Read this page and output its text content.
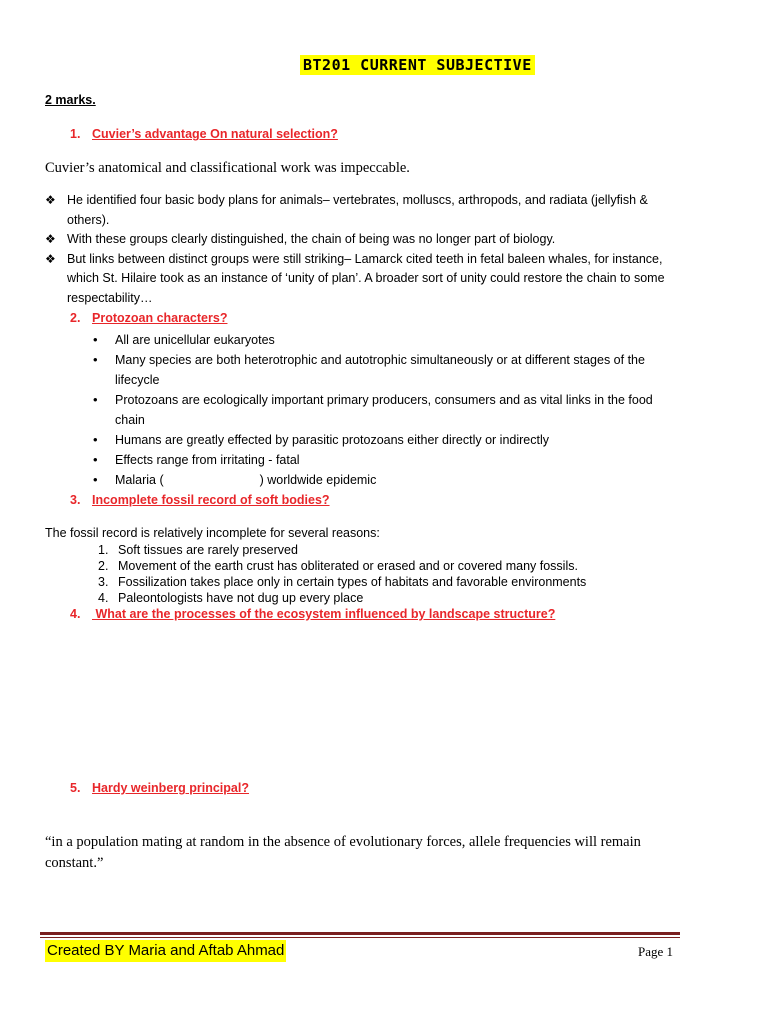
BT201 CURRENT SUBJECTIVE
2 marks.
1. Cuvier’s advantage On natural selection?
Cuvier’s anatomical and classificational work was impeccable.
❖ He identified four basic body plans for animals– vertebrates, molluscs, arthropods, and radiata (jellyfish & others).
❖ With these groups clearly distinguished, the chain of being was no longer part of biology.
❖ But links between distinct groups were still striking– Lamarck cited teeth in fetal baleen whales, for instance, which St. Hilaire took as an instance of ‘unity of plan’. A broader sort of unity could restore the chain to some respectability…
2. Protozoan characters?
• All are unicellular eukaryotes
• Many species are both heterotrophic and autotrophic simultaneously or at different stages of the lifecycle
• Protozoans are ecologically important primary producers, consumers and as vital links in the food chain
• Humans are greatly effected by parasitic protozoans either directly or indirectly
• Effects range from irritating - fatal
• Malaria (	) worldwide epidemic
3. Incomplete fossil record of soft bodies?
The fossil record is relatively incomplete for several reasons:
1. Soft tissues are rarely preserved
2. Movement of the earth crust has obliterated or erased and or covered many fossils.
3. Fossilization takes place only in certain types of habitats and favorable environments
4. Paleontologists have not dug up every place
4. What are the processes of the ecosystem influenced by landscape structure?
5. Hardy weinberg principal?
“in a population mating at random in the absence of evolutionary forces, allele frequencies will remain constant.”
Created BY Maria and Aftab Ahmad	Page 1
